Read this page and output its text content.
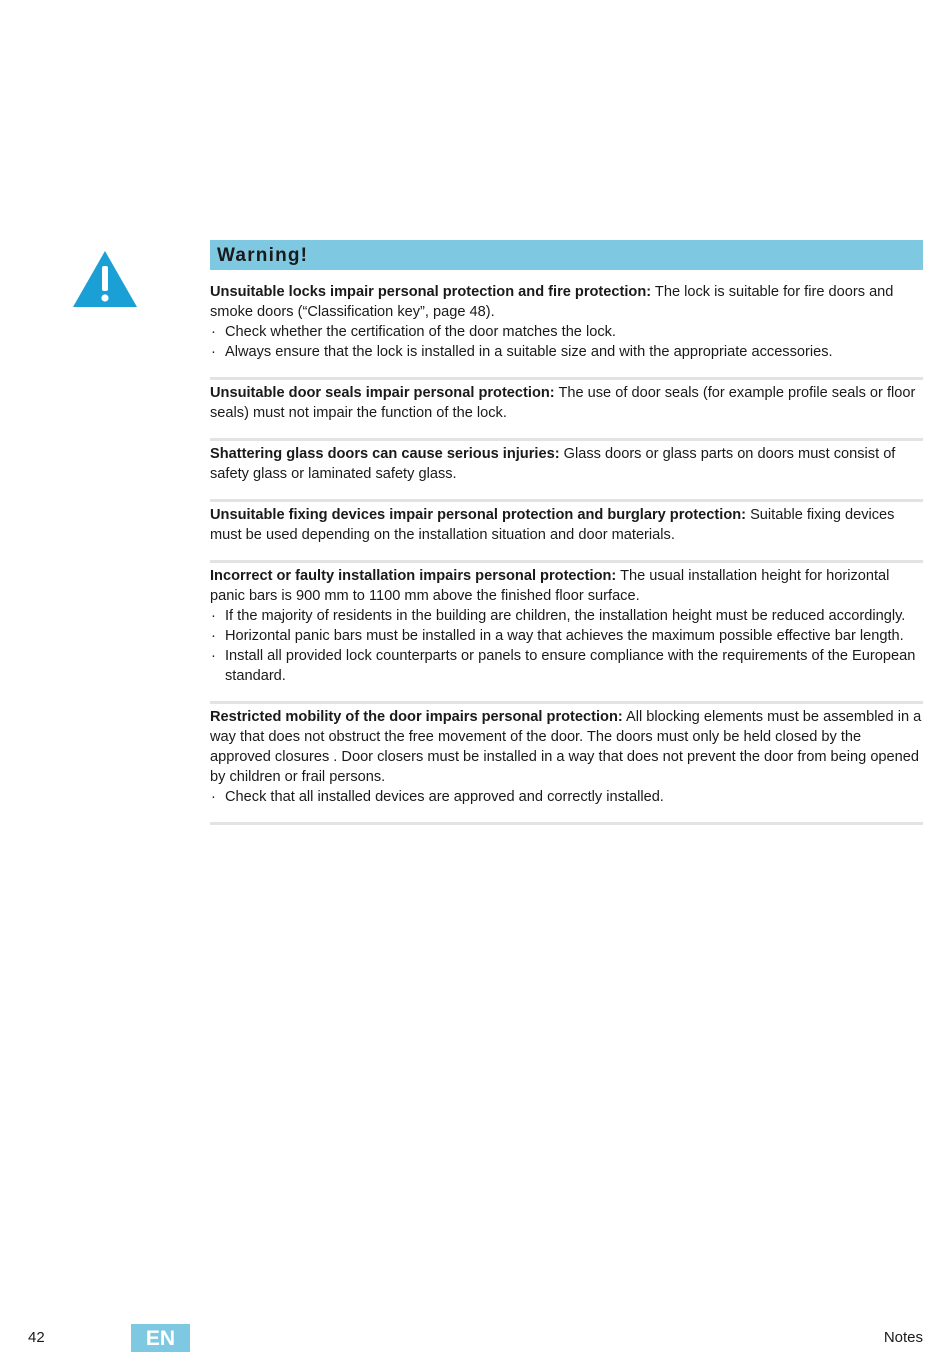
Warning!

Unsuitable locks impair personal protection and fire protection: The lock is suitable for fire doors and smoke doors (“Classification key”, page 48).

· Check whether the certification of the door matches the lock.
· Always ensure that the lock is installed in a suitable size and with the appropriate accessories.

Unsuitable door seals impair personal protection: The use of door seals (for example profile seals or floor seals) must not impair the function of the lock.

Shattering glass doors can cause serious injuries: Glass doors or glass parts on doors must consist of safety glass or laminated safety glass.

Unsuitable fixing devices impair personal protection and burglary protection: Suitable fixing devices must be used depending on the installation situation and door materials.

Incorrect or faulty installation impairs personal protection: The usual installation height for horizontal panic bars is 900 mm to 1100 mm above the finished floor surface.

· If the majority of residents in the building are children, the installation height must be reduced accordingly.
· Horizontal panic bars must be installed in a way that achieves the maximum possible effective bar length.
· Install all provided lock counterparts or panels to ensure compliance with the requirements of the European standard.

Restricted mobility of the door impairs personal protection: All blocking elements must be assembled in a way that does not obstruct the free movement of the door. The doors must only be held closed by the approved closures . Door closers must be installed in a way that does not prevent the door from being opened by children or frail persons.

· Check that all installed devices are approved and correctly installed.
42	EN	Notes
